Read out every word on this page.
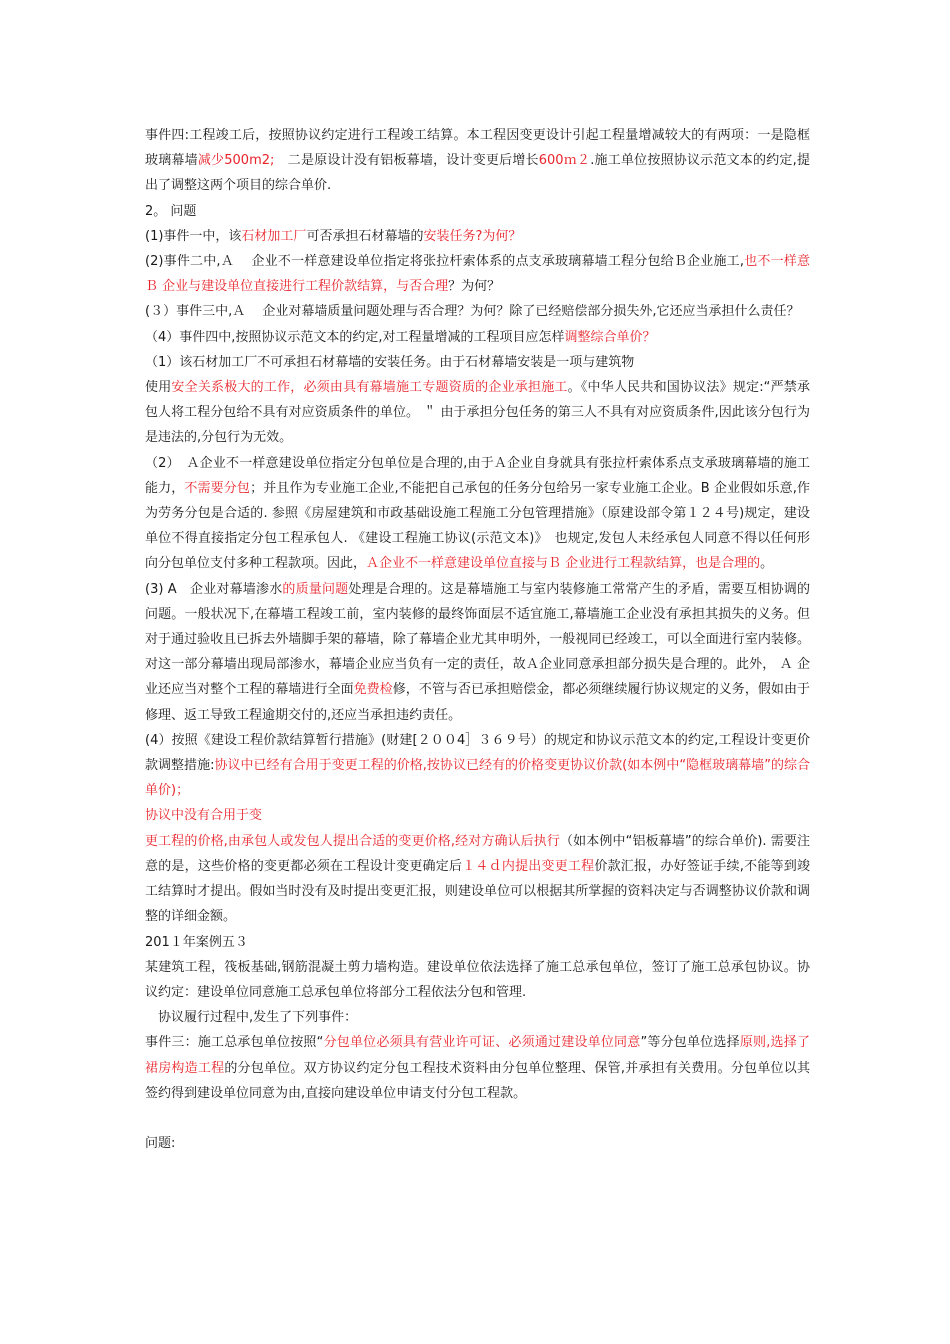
事件四:工程竣工后，按照协议约定进行工程竣工结算。本工程因变更设计引起工程量增减较大的有两项：一是隐框玻璃幕墙减少500m2;　二是原设计没有铝板幕墙，设计变更后增长600ｍ２.施工单位按照协议示范文本的约定,提出了调整这两个项目的综合单价.

2。 问题

(1)事件一中，该石材加工厂可否承担石材幕墙的安装任务?为何？

(2)事件二中,Ａ　 企业不一样意建设单位指定将张拉杆索体系的点支承玻璃幕墙工程分包给Ｂ企业施工,也不一样意Ｂ 企业与建设单位直接进行工程价款结算，与否合理？为何？

(３）事件三中,Ａ　 企业对幕墙质量问题处理与否合理？为何？除了已经赔偿部分损失外,它还应当承担什么责任？

（4）事件四中,按照协议示范文本的约定,对工程量增减的工程项目应怎样调整综合单价？

（1）该石材加工厂不可承担石材幕墙的安装任务。由于石材幕墙安装是一项与建筑物

使用安全关系极大的工作，必须由具有幕墙施工专题资质的企业承担施工。《中华人民共和国协议法》规定:“严禁承包人将工程分包给不具有对应资质条件的单位。 ＂ 由于承担分包任务的第三人不具有对应资质条件,因此该分包行为是违法的,分包行为无效。

（2）　Ａ企业不一样意建设单位指定分包单位是合理的,由于Ａ企业自身就具有张拉杆索体系点支承玻璃幕墙的施工能力，不需要分包；并且作为专业施工企业,不能把自己承包的任务分包给另一家专业施工企业。B 企业假如乐意,作为劳务分包是合适的. 参照《房屋建筑和市政基础设施工程施工分包管理措施》（原建设部令第１２４号)规定，建设单位不得直接指定分包工程承包人. 《建设工程施工协议(示范文本)》　也规定,发包人未经承包人同意不得以任何形向分包单位支付多种工程款项。因此，Ａ企业不一样意建设单位直接与Ｂ 企业进行工程款结算，也是合理的。

(3) A　企业对幕墙渗水的质量问题处理是合理的。这是幕墙施工与室内装修施工常常产生的矛盾，需要互相协调的问题。一般状况下,在幕墙工程竣工前，室内装修的最终饰面层不适宜施工,幕墙施工企业没有承担其损失的义务。但对于通过验收且已拆去外墙脚手架的幕墙，除了幕墙企业尤其申明外，一般视同已经竣工，可以全面进行室内装修。对这一部分幕墙出现局部渗水，幕墙企业应当负有一定的责任，故Ａ企业同意承担部分损失是合理的。此外， Ａ 企业还应当对整个工程的幕墙进行全面免费检修，不管与否已承担赔偿金，都必须继续履行协议规定的义务，假如由于修理、返工导致工程逾期交付的,还应当承担违约责任。

(4）按照《建设工程价款结算暂行措施》(财建[２００4］３６９号）的规定和协议示范文本的约定,工程设计变更价款调整措施:协议中已经有合用于变更工程的价格,按协议已经有的价格变更协议价款(如本例中“隐框玻璃幕墙”的综合单价)；

协议中没有合用于变

更工程的价格,由承包人或发包人提出合适的变更价格,经对方确认后执行（如本例中“铝板幕墙”的综合单价). 需要注意的是，这些价格的变更都必须在工程设计变更确定后１４ｄ内提出变更工程价款汇报，办好签证手续,不能等到竣工结算时才提出。假如当时没有及时提出变更汇报，则建设单位可以根据其所掌握的资料决定与否调整协议价款和调整的详细金额。

201１年案例五３

某建筑工程，筏板基础,钢筋混凝土剪力墙构造。建设单位依法选择了施工总承包单位，签订了施工总承包协议。协议约定：建设单位同意施工总承包单位将部分工程依法分包和管理.

　协议履行过程中,发生了下列事件：

事件三：施工总承包单位按照“分包单位必须具有营业许可证、必须通过建设单位同意”等分包单位选择原则,选择了裙房构造工程的分包单位。双方协议约定分包工程技术资料由分包单位整理、保管,并承担有关费用。分包单位以其签约得到建设单位同意为由,直接向建设单位申请支付分包工程款。

问题:
